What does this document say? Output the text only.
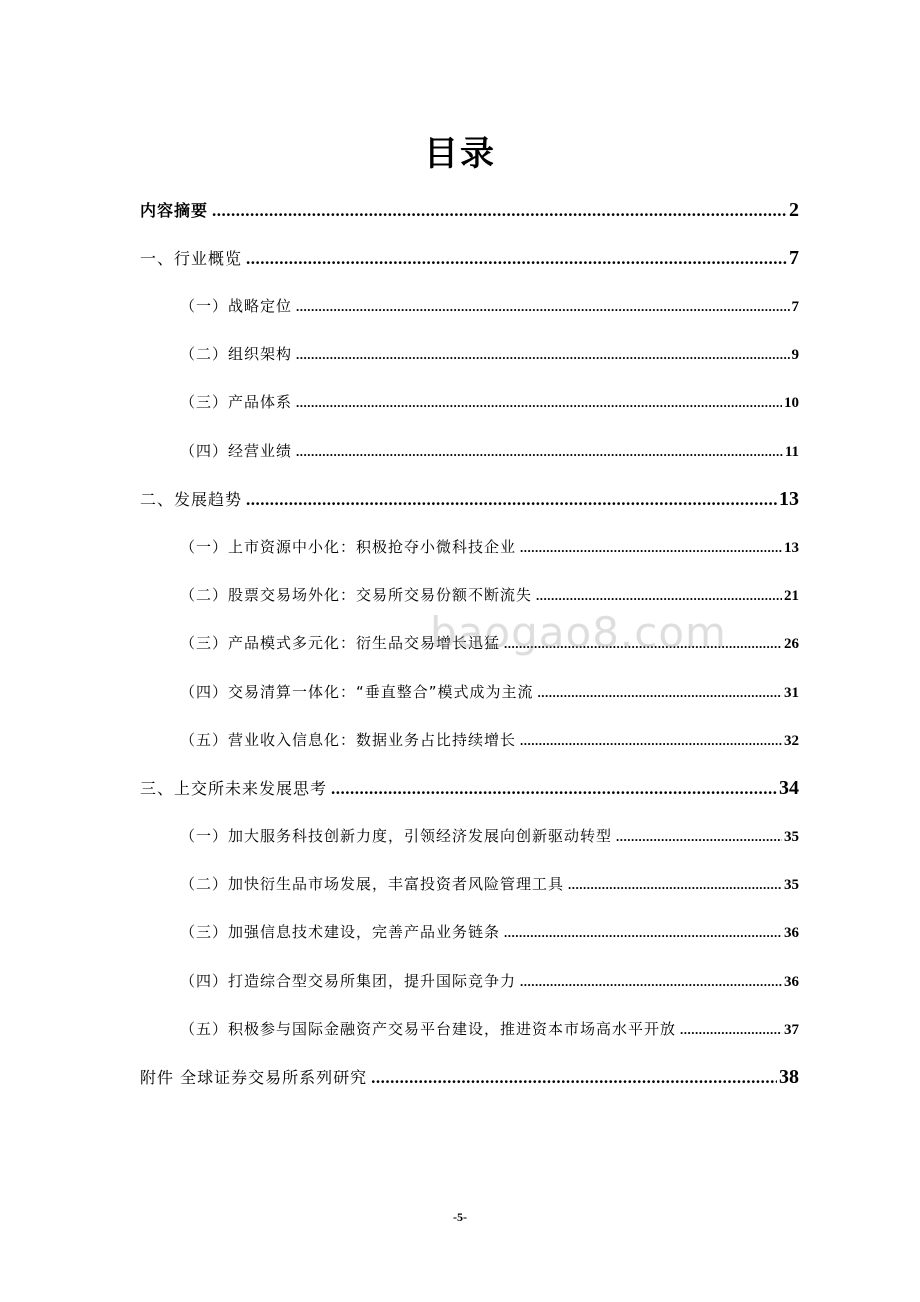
目录
内容摘要 .....	2
一、行业概览 .....	7
（一）战略定位 .....	7
（二）组织架构 .....	9
（三）产品体系 .....	10
（四）经营业绩 .....	11
二、发展趋势 .....	13
（一）上市资源中小化：积极抢夺小微科技企业 .....	13
（二）股票交易场外化：交易所交易份额不断流失 .....	21
（三）产品模式多元化：衍生品交易增长迅猛 .....	26
（四）交易清算一体化：“垂直整合”模式成为主流 .....	31
（五）营业收入信息化：数据业务占比持续增长 .....	32
三、上交所未来发展思考 .....	34
（一）加大服务科技创新力度，引领经济发展向创新驱动转型 .....	35
（二）加快衍生品市场发展，丰富投资者风险管理工具 .....	35
（三）加强信息技术建设，完善产品业务链条 .....	36
（四）打造综合型交易所集团，提升国际竞争力 .....	36
（五）积极参与国际金融资产交易平台建设，推进资本市场高水平开放 .....	37
附件 全球证券交易所系列研究 .....	38
baogao8.com
-5-
